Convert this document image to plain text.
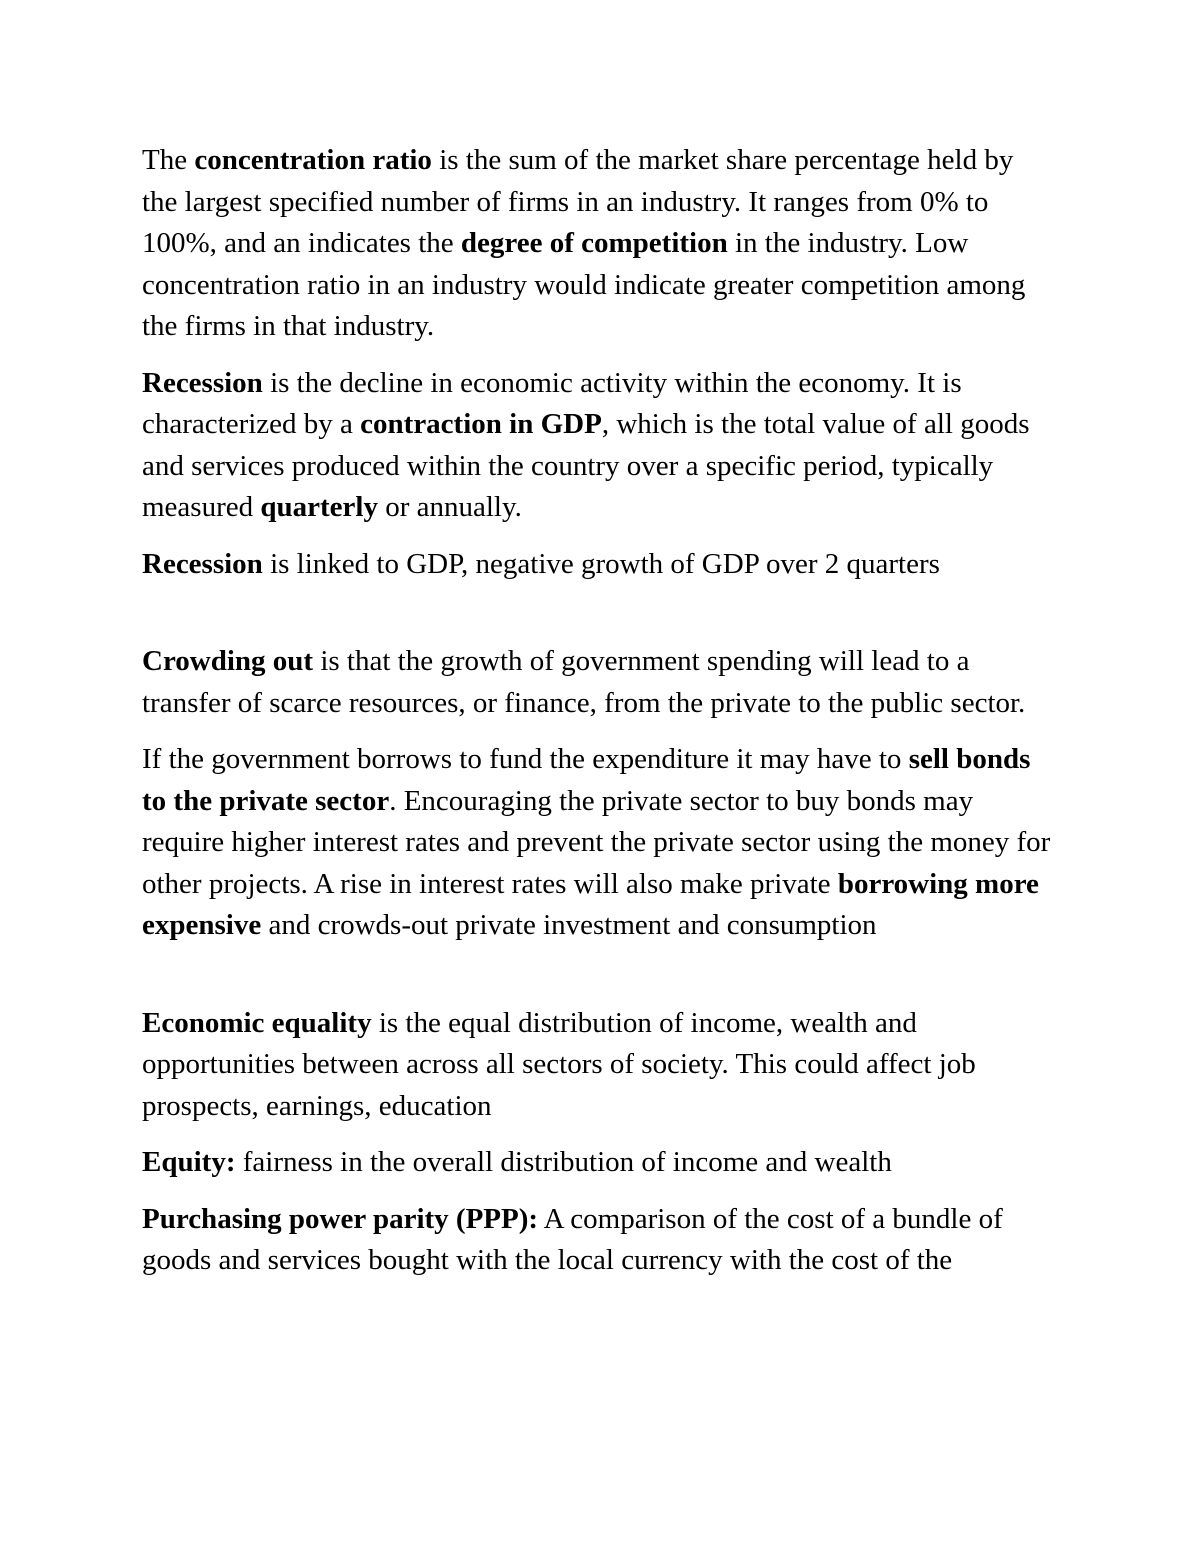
The concentration ratio is the sum of the market share percentage held by the largest specified number of firms in an industry. It ranges from 0% to 100%, and an indicates the degree of competition in the industry. Low concentration ratio in an industry would indicate greater competition among the firms in that industry.

Recession is the decline in economic activity within the economy. It is characterized by a contraction in GDP, which is the total value of all goods and services produced within the country over a specific period, typically measured quarterly or annually.

Recession is linked to GDP, negative growth of GDP over 2 quarters

Crowding out is that the growth of government spending will lead to a transfer of scarce resources, or finance, from the private to the public sector.

If the government borrows to fund the expenditure it may have to sell bonds to the private sector. Encouraging the private sector to buy bonds may require higher interest rates and prevent the private sector using the money for other projects. A rise in interest rates will also make private borrowing more expensive and crowds-out private investment and consumption

Economic equality is the equal distribution of income, wealth and opportunities between across all sectors of society. This could affect job prospects, earnings, education

Equity: fairness in the overall distribution of income and wealth

Purchasing power parity (PPP): A comparison of the cost of a bundle of goods and services bought with the local currency with the cost of the
